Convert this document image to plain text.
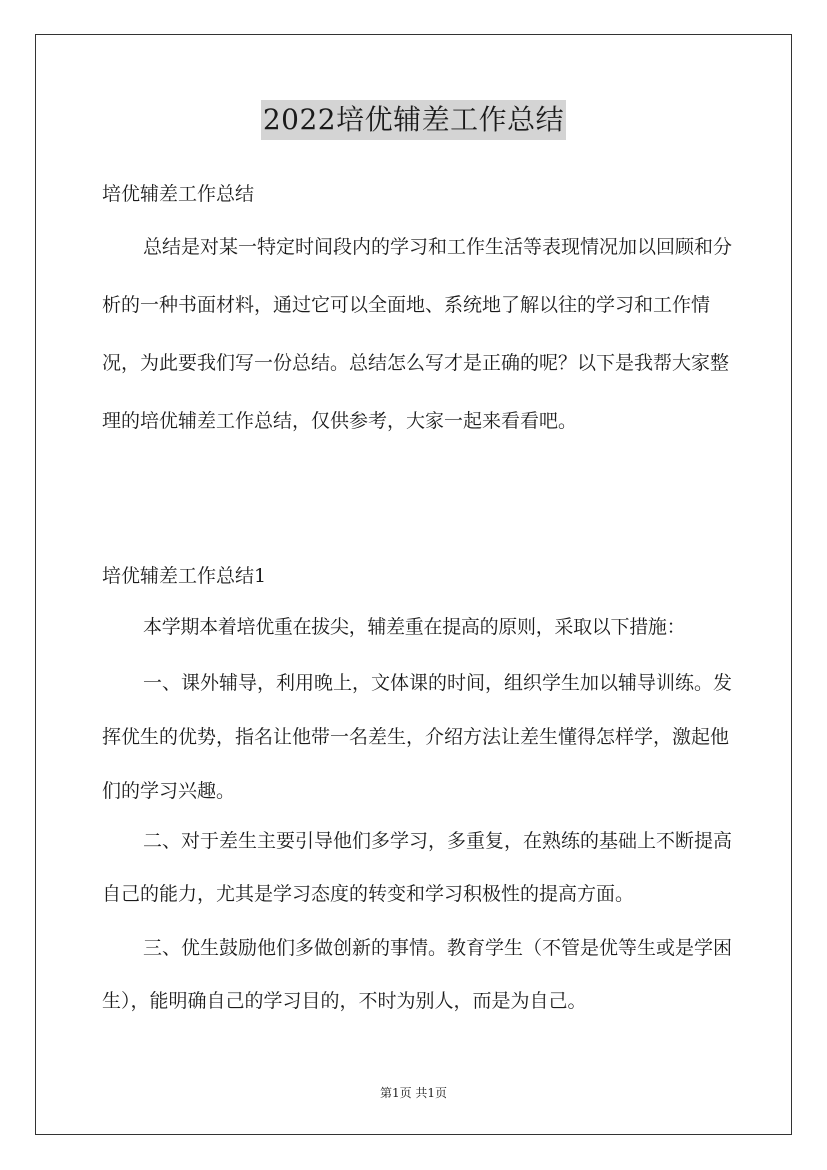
2022培优辅差工作总结

培优辅差工作总结

总结是对某一特定时间段内的学习和工作生活等表现情况加以回顾和分析的一种书面材料，通过它可以全面地、系统地了解以往的学习和工作情况，为此要我们写一份总结。总结怎么写才是正确的呢？以下是我帮大家整理的培优辅差工作总结，仅供参考，大家一起来看看吧。

培优辅差工作总结1

本学期本着培优重在拔尖，辅差重在提高的原则，采取以下措施：

一、课外辅导，利用晚上，文体课的时间，组织学生加以辅导训练。发挥优生的优势，指名让他带一名差生，介绍方法让差生懂得怎样学，激起他们的学习兴趣。

二、对于差生主要引导他们多学习，多重复，在熟练的基础上不断提高自己的能力，尤其是学习态度的转变和学习积极性的提高方面。

三、优生鼓励他们多做创新的事情。教育学生（不管是优等生或是学困生），能明确自己的学习目的，不时为别人，而是为自己。

第1页 共1页
